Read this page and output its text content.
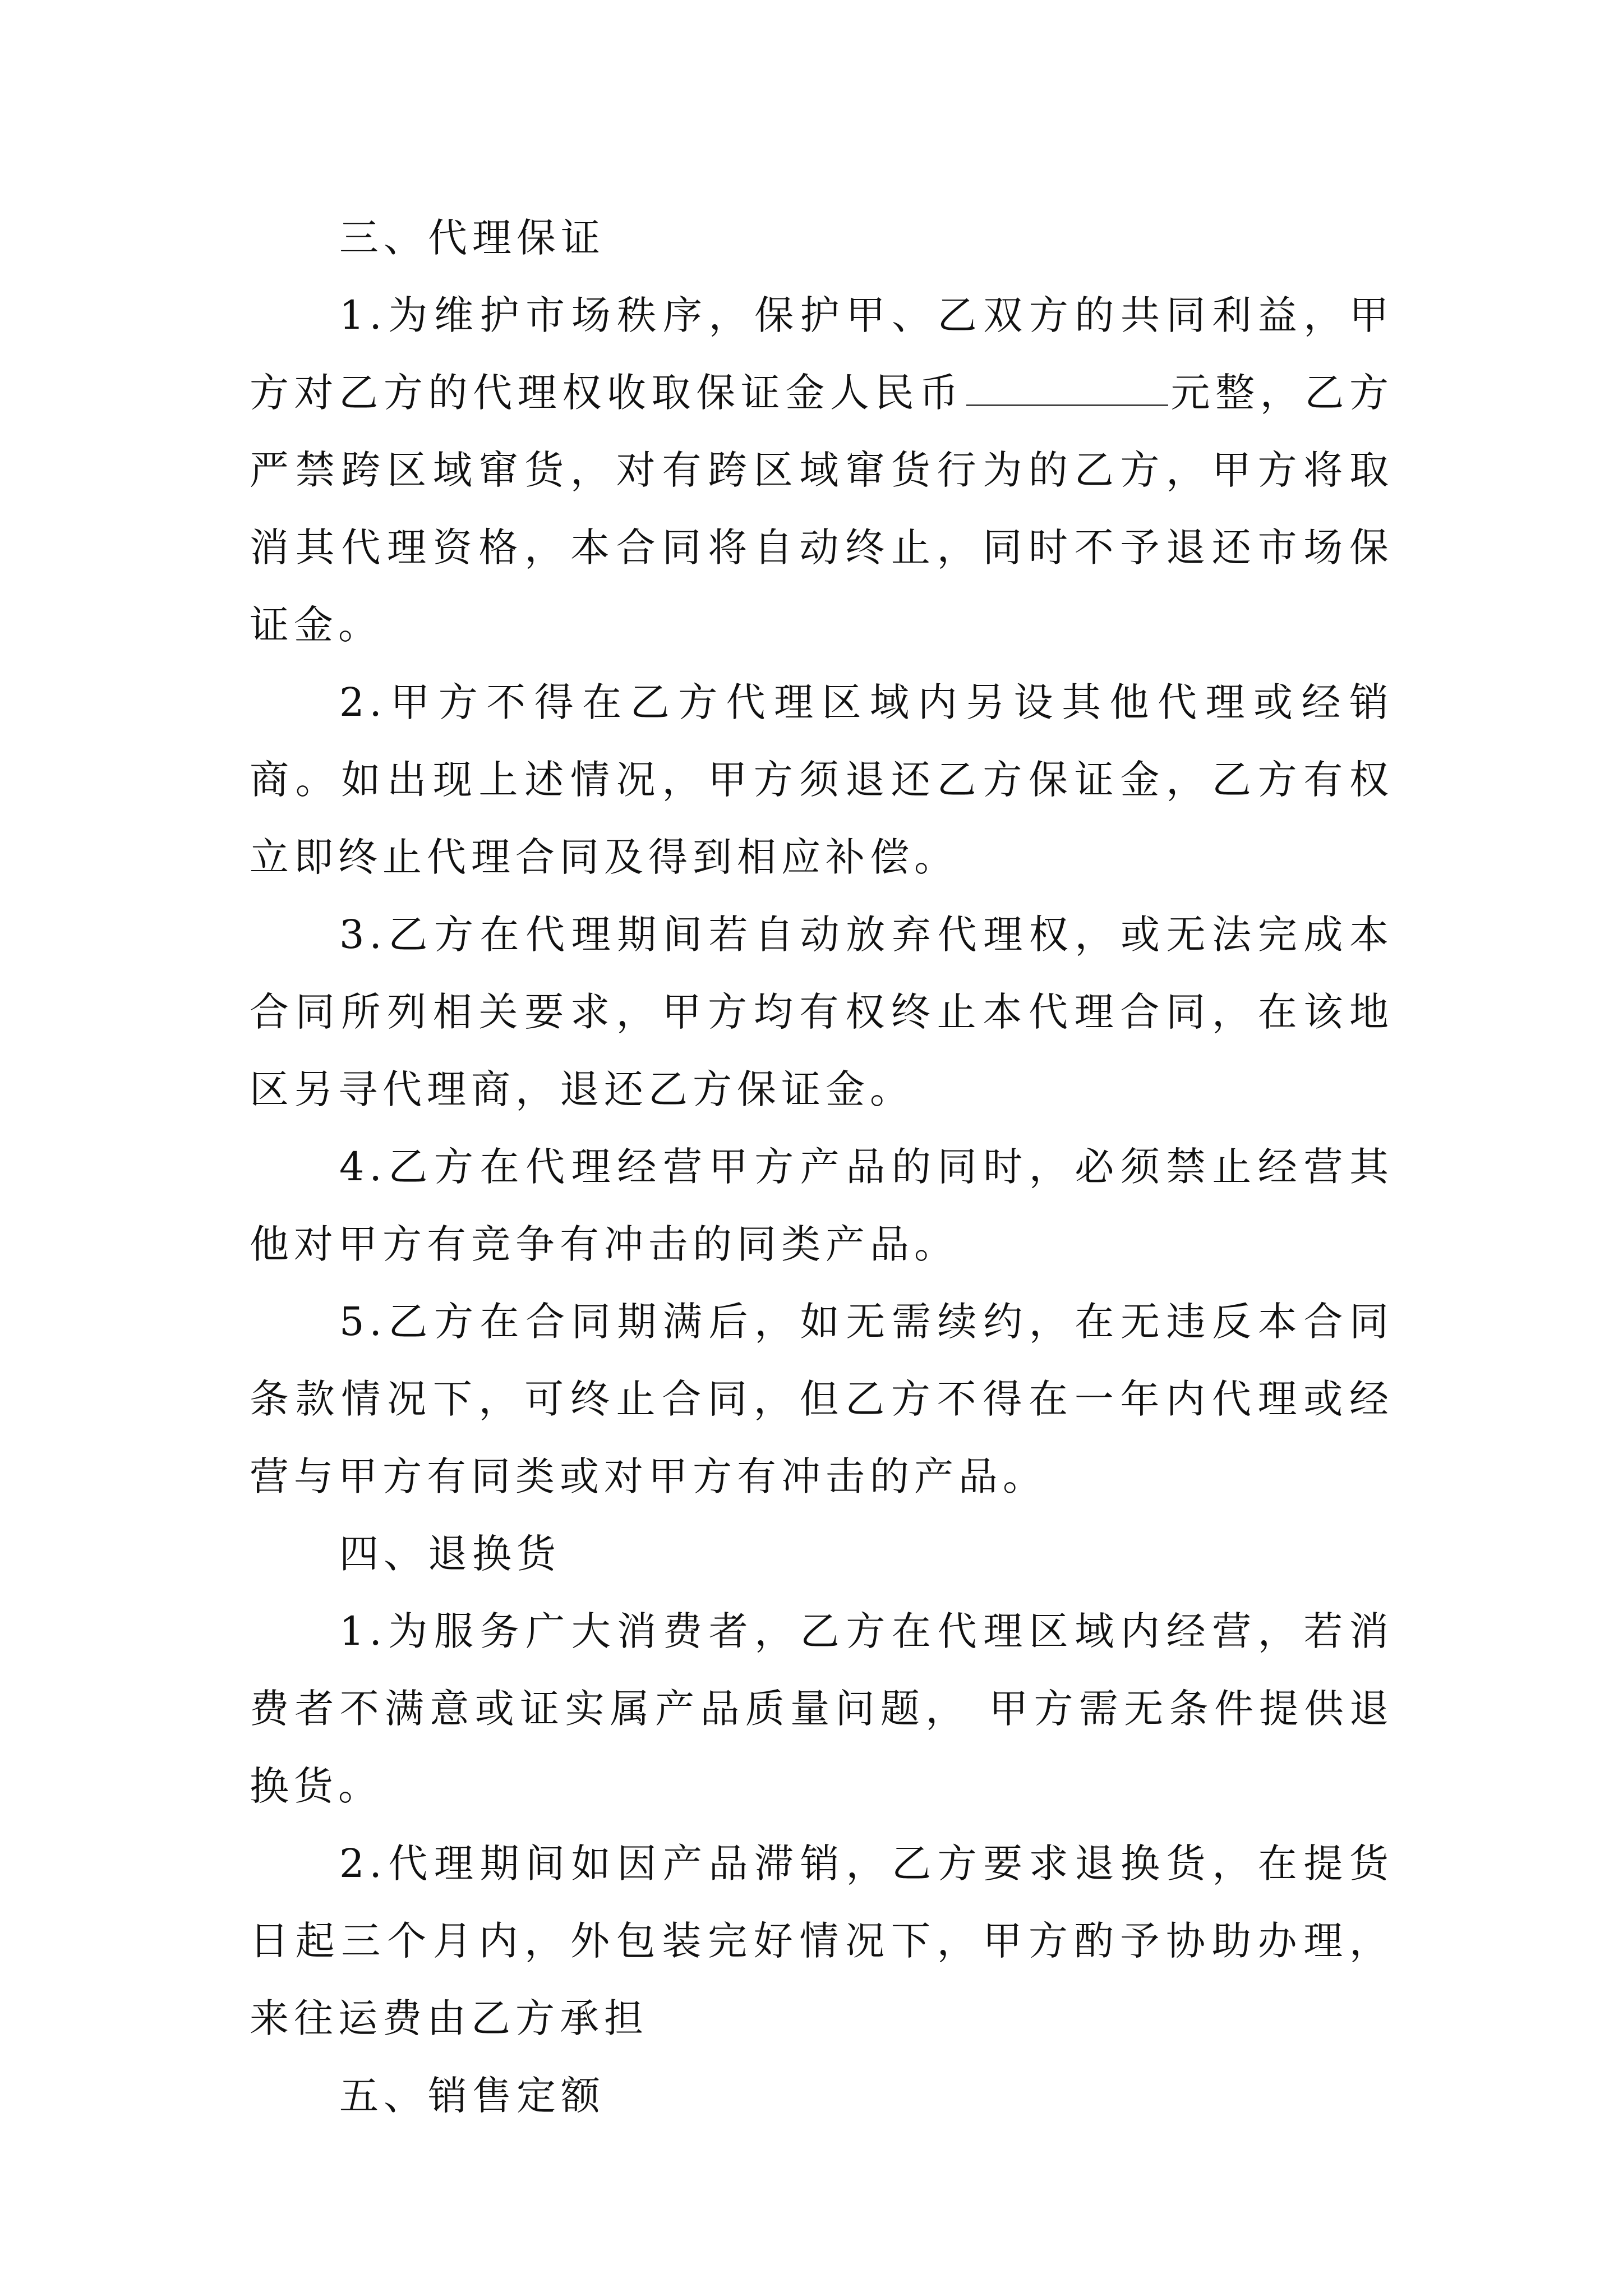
三、代理保证

1.为维护市场秩序，保护甲、乙双方的共同利益，甲方对乙方的代理权收取保证金人民币	元整，乙方严禁跨区域窜货，对有跨区域窜货行为的乙方，甲方将取消其代理资格，本合同将自动终止，同时不予退还市场保证金。

2.甲方不得在乙方代理区域内另设其他代理或经销商。如出现上述情况，甲方须退还乙方保证金，乙方有权立即终止代理合同及得到相应补偿。

3.乙方在代理期间若自动放弃代理权，或无法完成本合同所列相关要求，甲方均有权终止本代理合同，在该地区另寻代理商，退还乙方保证金。

4.乙方在代理经营甲方产品的同时，必须禁止经营其他对甲方有竞争有冲击的同类产品。

5.乙方在合同期满后，如无需续约，在无违反本合同条款情况下，可终止合同，但乙方不得在一年内代理或经营与甲方有同类或对甲方有冲击的产品。

四、退换货

1.为服务广大消费者，乙方在代理区域内经营，若消费者不满意或证实属产品质量问题， 甲方需无条件提供退换货。

2.代理期间如因产品滞销，乙方要求退换货，在提货日起三个月内，外包装完好情况下，甲方酌予协助办理，来往运费由乙方承担

五、销售定额
